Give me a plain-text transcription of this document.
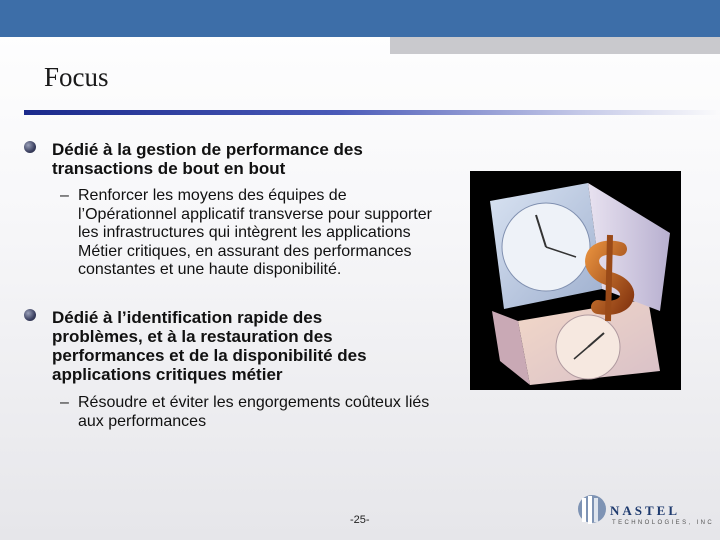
Focus
Dédié à la gestion de performance des transactions de bout en bout
– Renforcer les moyens des équipes de l’Opérationnel applicatif transverse pour supporter les infrastructures qui intègrent les applications Métier critiques, en assurant des performances constantes et une haute disponibilité.
Dédié à l’identification rapide des problèmes, et à la restauration des performances et de la disponibilité des applications critiques métier
– Résoudre et éviter les engorgements coûteux liés aux performances
-25-
NASTEL
TECHNOLOGIES, INC
